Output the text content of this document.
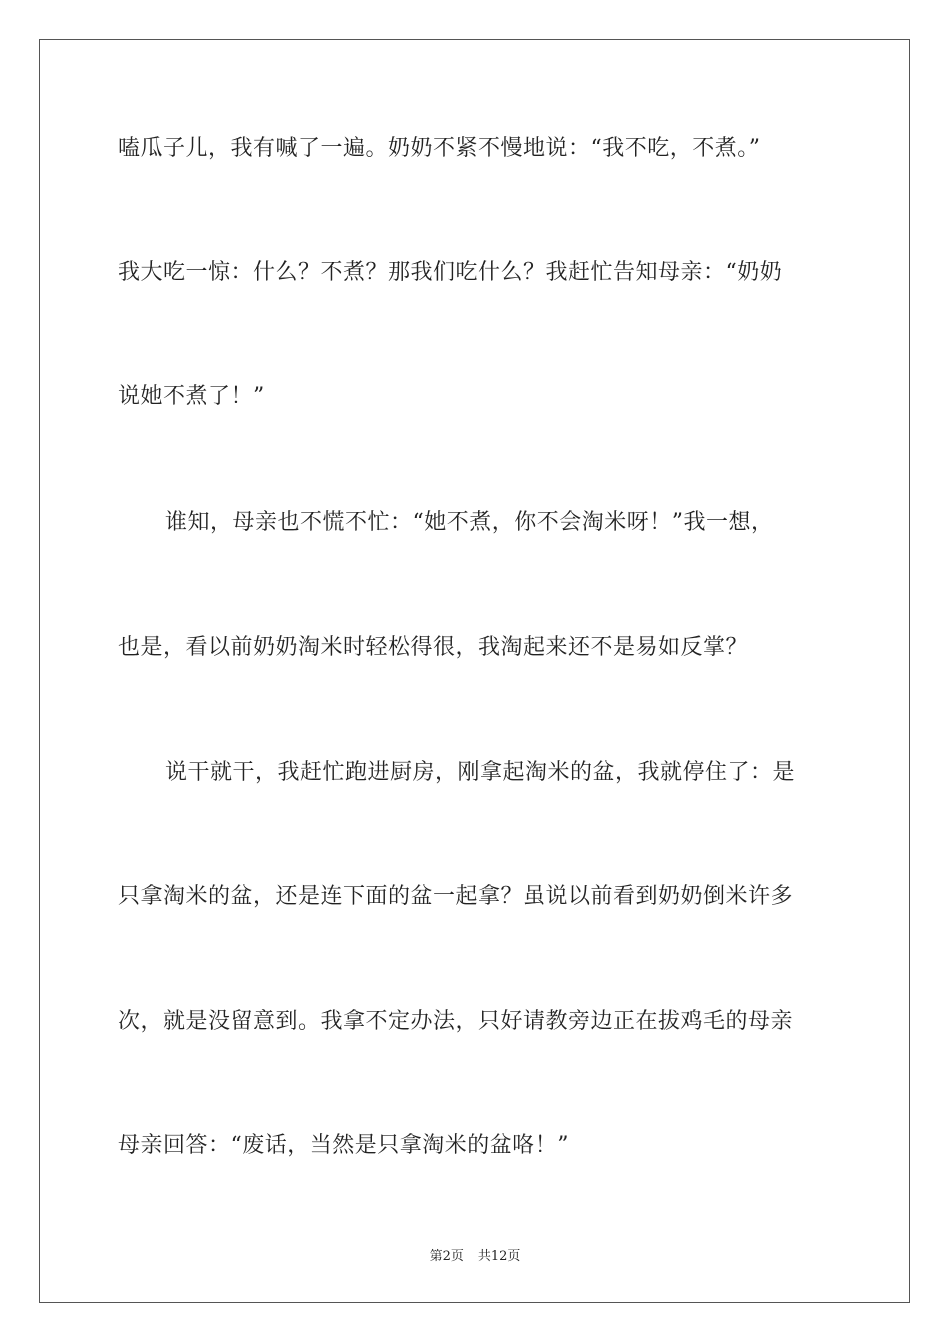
嗑瓜子儿，我有喊了一遍。奶奶不紧不慢地说：“我不吃，不煮。”
我大吃一惊：什么？不煮？那我们吃什么？我赶忙告知母亲：“奶奶
说她不煮了！”
谁知，母亲也不慌不忙：“她不煮，你不会淘米呀！”我一想，
也是，看以前奶奶淘米时轻松得很，我淘起来还不是易如反掌？
说干就干，我赶忙跑进厨房，刚拿起淘米的盆，我就停住了：是
只拿淘米的盆，还是连下面的盆一起拿？虽说以前看到奶奶倒米许多
次，就是没留意到。我拿不定办法，只好请教旁边正在拔鸡毛的母亲
母亲回答：“废话，当然是只拿淘米的盆咯！”
第2页 共12页
